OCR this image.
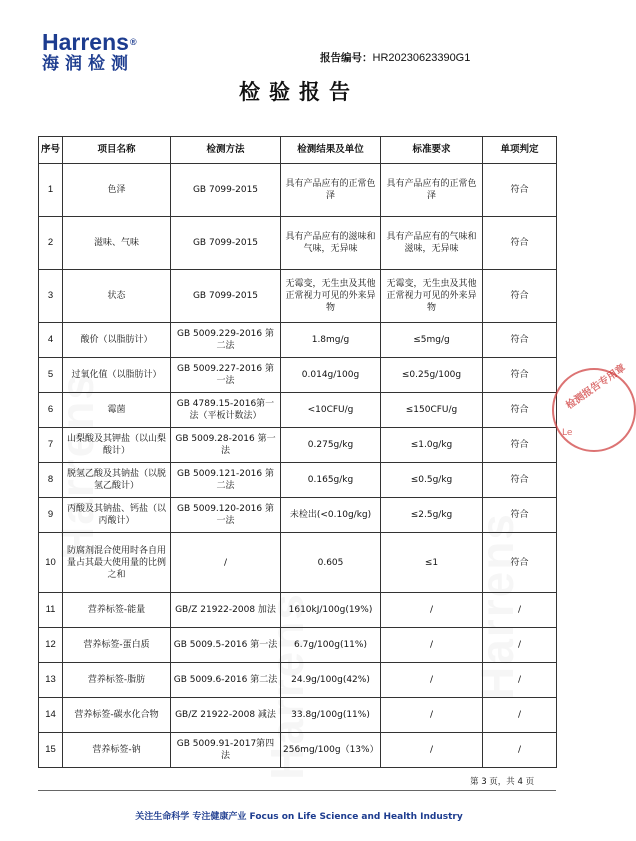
Harrens®
海润检测	报告编号：HR20230623390G1
检验报告
序号	项目名称	检测方法	检测结果及单位	标准要求	单项判定
1	色泽	GB 7099-2015	具有产品应有的正常色泽	具有产品应有的正常色泽	符合
2	滋味、气味	GB 7099-2015	具有产品应有的滋味和气味，无异味	具有产品应有的气味和滋味，无异味	符合
3	状态	GB 7099-2015	无霉变，无生虫及其他正常视力可见的外来异物	无霉变，无生虫及其他正常视力可见的外来异物	符合
4	酸价（以脂肪计）	GB 5009.229-2016 第二法	1.8mg/g	≤5mg/g	符合
5	过氧化值（以脂肪计）	GB 5009.227-2016 第一法	0.014g/100g	≤0.25g/100g	符合
6	霉菌	GB 4789.15-2016第一法（平板计数法）	<10CFU/g	≤150CFU/g	符合
7	山梨酸及其钾盐（以山梨酸计）	GB 5009.28-2016 第一法	0.275g/kg	≤1.0g/kg	符合
8	脱氢乙酸及其钠盐（以脱氢乙酸计）	GB 5009.121-2016 第二法	0.165g/kg	≤0.5g/kg	符合
9	丙酸及其钠盐、钙盐（以丙酸计）	GB 5009.120-2016 第一法	未检出(<0.10g/kg)	≤2.5g/kg	符合
10	防腐剂混合使用时各自用量占其最大使用量的比例之和	/	0.605	≤1	符合
11	营养标签-能量	GB/Z 21922-2008 加法	1610kJ/100g(19%)	/	/
12	营养标签-蛋白质	GB 5009.5-2016 第一法	6.7g/100g(11%)	/	/
13	营养标签-脂肪	GB 5009.6-2016 第二法	24.9g/100g(42%)	/	/
14	营养标签-碳水化合物	GB/Z 21922-2008 减法	33.8g/100g(11%)	/	/
15	营养标签-钠	GB 5009.91-2017第四法	256mg/100g（13%）	/	/
检测报告专用章
Le
第 3 页，共 4 页
关注生命科学 专注健康产业 Focus on Life Science and Health Industry
